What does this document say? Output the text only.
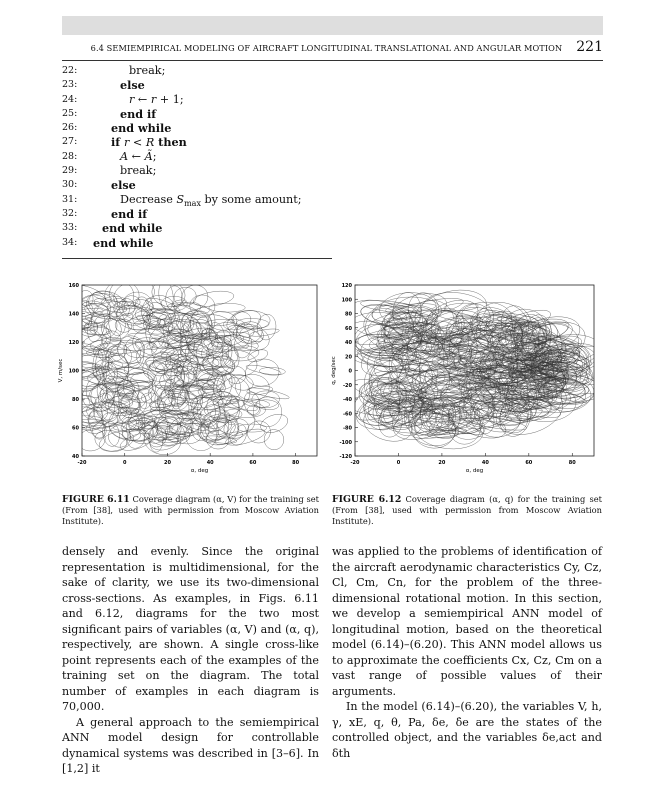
6.4 SEMIEMPIRICAL MODELING OF AIRCRAFT LONGITUDINAL TRANSLATIONAL AND ANGULAR MOTION 221
22:	break;
23:	else
24:	r ← r + 1;
25:	end if
26:	end while
27:	if r < R then
28:	A ← Ã;
29:	break;
30:	else
31:	Decrease $S_{max}$ by some amount;
32:	end if
33:	end while
34:	end while
-20	0	20	40	60	80
40
60
80
100
120
140
160
α, deg
V, m/sec
-20	0	20	40	60	80
-120
-100
-80
-60
-40
-20
0
20
40
60
80
100
120
α, deg
q, deg/sec
FIGURE 6.11 Coverage diagram (α, V) for the training set (From [38], used with permission from Moscow Aviation Institute).
FIGURE 6.12 Coverage diagram (α, q) for the training set (From [38], used with permission from Moscow Aviation Institute).

densely and evenly. Since the original representation is multidimensional, for the sake of clarity, we use its two-dimensional cross-sections. As examples, in Figs. 6.11 and 6.12, diagrams for the two most significant pairs of variables (α, V) and (α, q), respectively, are shown. A single cross-like point represents each of the examples of the training set on the diagram. The total number of examples in each diagram is 70,000.

A general approach to the semiempirical ANN model design for controllable dynamical systems was described in [3–6]. In [1,2] it

was applied to the problems of identification of the aircraft aerodynamic characteristics Cy, Cz, Cl, Cm, Cn, for the problem of the three-dimensional rotational motion. In this section, we develop a semiempirical ANN model of longitudinal motion, based on the theoretical model (6.14)–(6.20). This ANN model allows us to approximate the coefficients Cx, Cz, Cm on a vast range of possible values of their arguments.

In the model (6.14)–(6.20), the variables V, h, γ, xE, q, θ, Pa, δe, δ̇e are the states of the controlled object, and the variables δe,act and δth
